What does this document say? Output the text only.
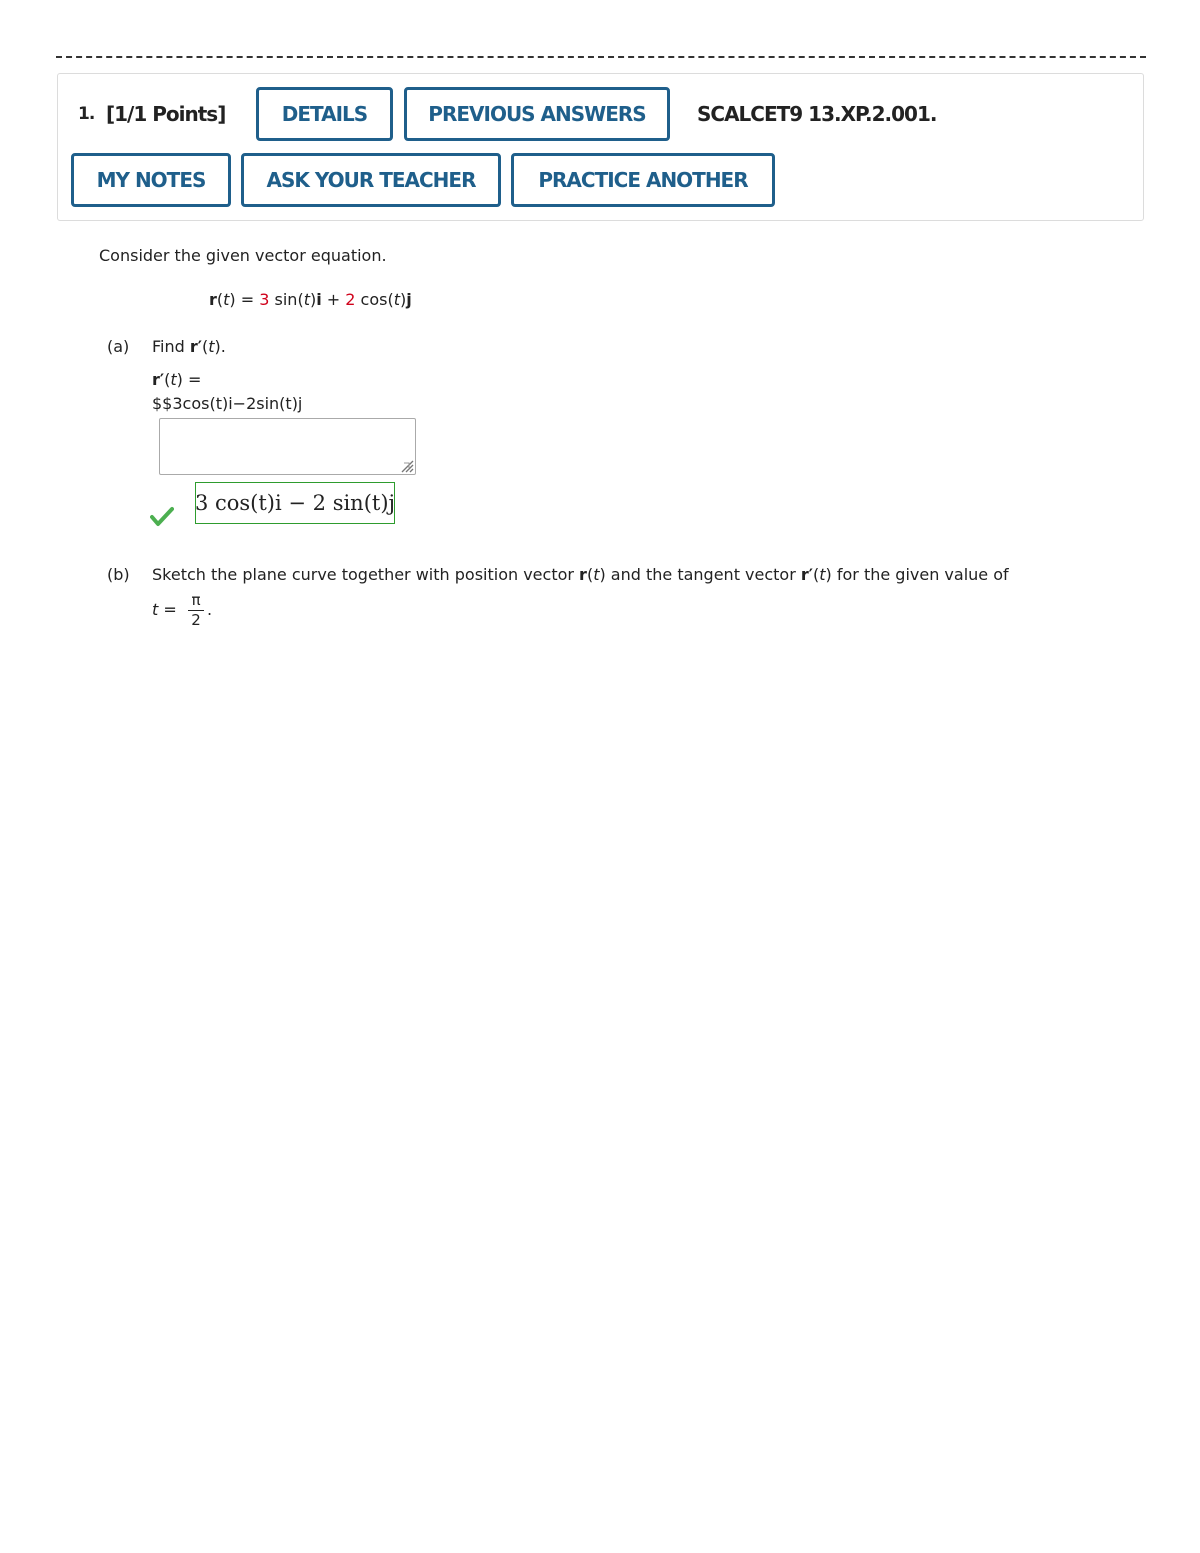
1. [1/1 Points]	DETAILS	PREVIOUS ANSWERS	SCALCET9 13.XP.2.001.
MY NOTES	ASK YOUR TEACHER	PRACTICE ANOTHER
Consider the given vector equation.
r(t) = 3 sin(t)i + 2 cos(t)j
(a) Find r′(t).
r′(t) =
$$3cos(t)i−2sin(t)j
3 cos(t)i − 2 sin(t)j
(b) Sketch the plane curve together with position vector r(t) and the tangent vector r′(t) for the given value of
t = π
2
.
